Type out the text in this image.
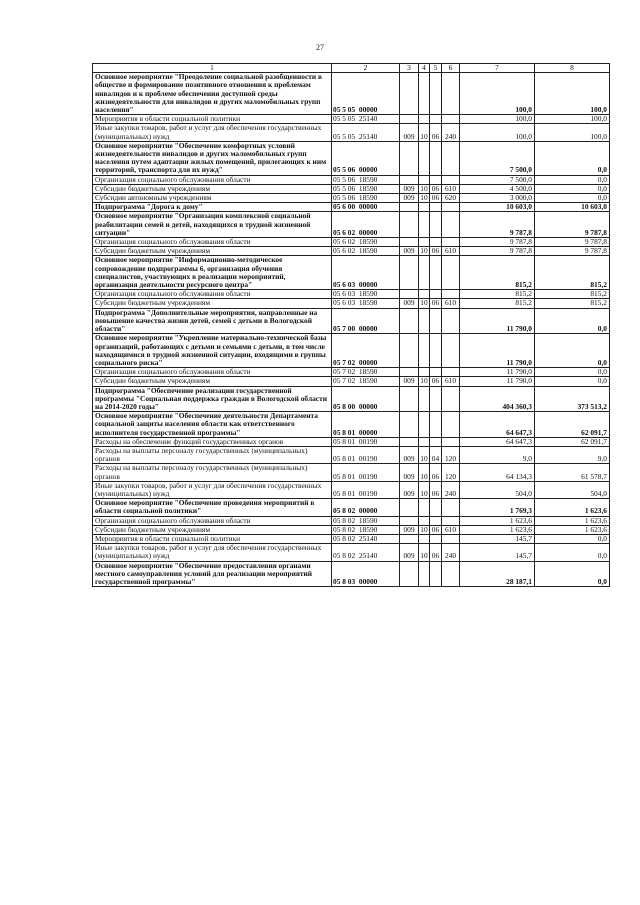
27
1	2	3	4	5	6	7	8
Основное мероприятие "Преодоление социальной разобщенности в обществе и формирование позитивного отношения к проблемам инвалидов и к проблеме обеспечения доступной среды жизнедеятельности для инвалидов и других маломобильных групп населения"	05 5 05  00000					100,0	100,0
Мероприятия в области социальной политики	05 5 05  25140					100,0	100,0
Иные закупки товаров, работ и услуг для обеспечения государственных (муниципальных) нужд	05 5 05  25140	009	10	06	240	100,0	100,0
Основное мероприятие "Обеспечение комфортных условий жизнедеятельности инвалидов и других маломобильных групп населения путем адаптации жилых помещений, прилегающих к ним территорий, транспорта для их нужд"	05 5 06  00000					7 500,0	0,0
Организация социального обслуживания области	05 5 06  18590					7 500,0	0,0
Субсидии бюджетным учреждениям	05 5 06  18590	009	10	06	610	4 500,0	0,0
Субсидии автономным учреждениям	05 5 06  18590	009	10	06	620	3 000,0	0,0
Подпрограмма "Дорога к дому"	05 6 00  00000					10 603,0	10 603,0
Основное мероприятие "Организация комплексной социальной реабилитации семей и детей, находящихся в трудной жизненной ситуации"	05 6 02  00000					9 787,8	9 787,8
Организация социального обслуживания области	05 6 02  18590					9 787,8	9 787,8
Субсидии бюджетным учреждениям	05 6 02  18590	009	10	06	610	9 787,8	9 787,8
Основное мероприятие "Информационно-методическое сопровождение подпрограммы 6, организация обучения специалистов, участвующих в реализации мероприятий, организация деятельности ресурсного центра"	05 6 03  00000					815,2	815,2
Организация социального обслуживания области	05 6 03  18590					815,2	815,2
Субсидии бюджетным учреждениям	05 6 03  18590	009	10	06	610	815,2	815,2
Подпрограмма "Дополнительные мероприятия, направленные на повышение качества жизни детей, семей с детьми в Вологодской области"	05 7 00  00000					11 790,0	0,0
Основное мероприятие "Укрепление материально-технической базы организаций, работающих с детьми и семьями с детьми, в том числе находящимися в трудной жизненной ситуации, входящими в группы социального риска"	05 7 02  00000					11 790,0	0,0
Организация социального обслуживания области	05 7 02  18590					11 790,0	0,0
Субсидии бюджетным учреждениям	05 7 02  18590	009	10	06	610	11 790,0	0,0
Подпрограмма "Обеспечение реализации государственной программы "Социальная поддержка граждан в Вологодской области на 2014-2020 годы"	05 8 00  00000					404 360,3	373 513,2
Основное мероприятие "Обеспечение деятельности Департамента социальной защиты населения области как ответственного исполнителя государственной программы"	05 8 01  00000					64 647,3	62 091,7
Расходы на обеспечение функций государственных органов	05 8 01  00190					64 647,3	62 091,7
Расходы на выплаты персоналу государственных (муниципальных) органов	05 8 01  00190	009	10	04	120	9,0	9,0
Расходы на выплаты персоналу государственных (муниципальных) органов	05 8 01  00190	009	10	06	120	64 134,3	61 578,7
Иные закупки товаров, работ и услуг для обеспечения государственных (муниципальных) нужд	05 8 01  00190	009	10	06	240	504,0	504,0
Основное мероприятие "Обеспечение проведения мероприятий в области социальной политики"	05 8 02  00000					1 769,3	1 623,6
Организация социального обслуживания области	05 8 02  18590					1 623,6	1 623,6
Субсидии бюджетным учреждениям	05 8 02  18590	009	10	06	610	1 623,6	1 623,6
Мероприятия в области социальной политики	05 8 02  25140					145,7	0,0
Иные закупки товаров, работ и услуг для обеспечения государственных (муниципальных) нужд	05 8 02  25140	009	10	06	240	145,7	0,0
Основное мероприятие "Обеспечение предоставления органами местного самоуправления условий для реализации мероприятий государственной программы"	05 8 03  00000					28 187,1	0,0
